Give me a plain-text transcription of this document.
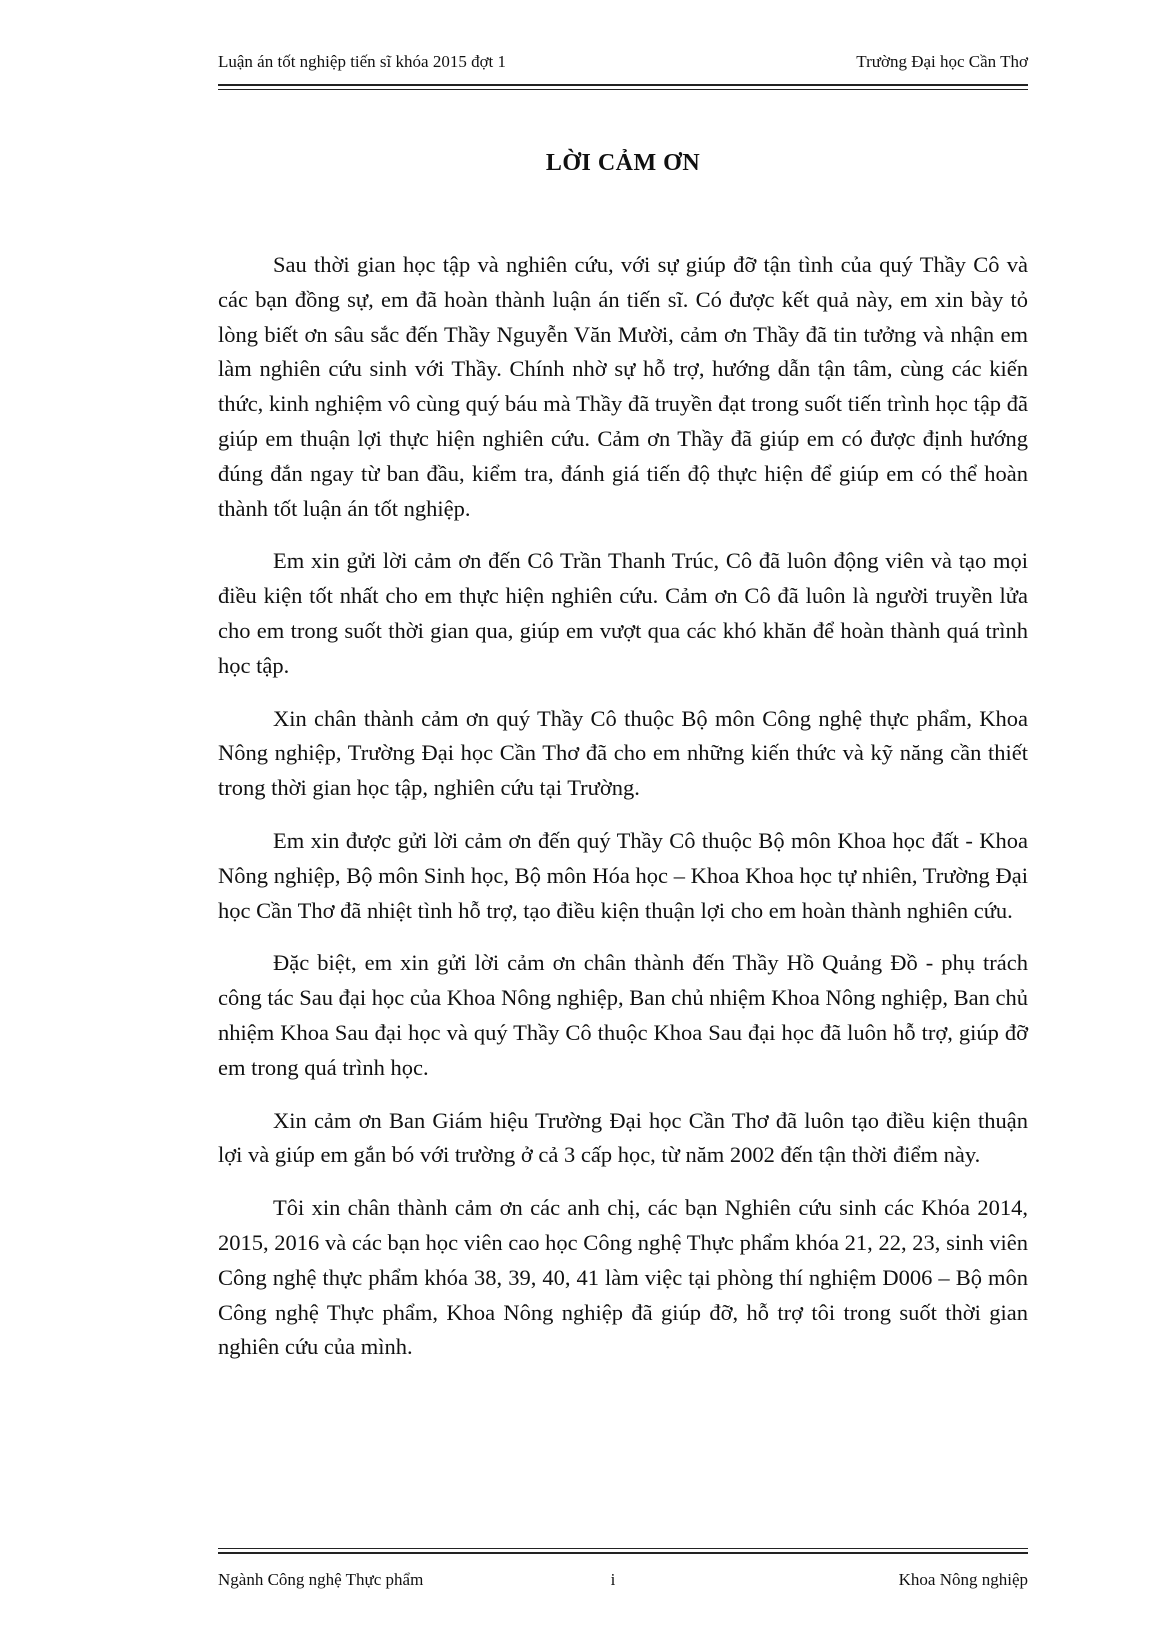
Luận án tốt nghiệp tiến sĩ khóa 2015 đợt 1	Trường Đại học Cần Thơ
LỜI CẢM ƠN

Sau thời gian học tập và nghiên cứu, với sự giúp đỡ tận tình của quý Thầy Cô và các bạn đồng sự, em đã hoàn thành luận án tiến sĩ. Có được kết quả này, em xin bày tỏ lòng biết ơn sâu sắc đến Thầy Nguyễn Văn Mười, cảm ơn Thầy đã tin tưởng và nhận em làm nghiên cứu sinh với Thầy. Chính nhờ sự hỗ trợ, hướng dẫn tận tâm, cùng các kiến thức, kinh nghiệm vô cùng quý báu mà Thầy đã truyền đạt trong suốt tiến trình học tập đã giúp em thuận lợi thực hiện nghiên cứu. Cảm ơn Thầy đã giúp em có được định hướng đúng đắn ngay từ ban đầu, kiểm tra, đánh giá tiến độ thực hiện để giúp em có thể hoàn thành tốt luận án tốt nghiệp.

Em xin gửi lời cảm ơn đến Cô Trần Thanh Trúc, Cô đã luôn động viên và tạo mọi điều kiện tốt nhất cho em thực hiện nghiên cứu. Cảm ơn Cô đã luôn là người truyền lửa cho em trong suốt thời gian qua, giúp em vượt qua các khó khăn để hoàn thành quá trình học tập.

Xin chân thành cảm ơn quý Thầy Cô thuộc Bộ môn Công nghệ thực phẩm, Khoa Nông nghiệp, Trường Đại học Cần Thơ đã cho em những kiến thức và kỹ năng cần thiết trong thời gian học tập, nghiên cứu tại Trường.

Em xin được gửi lời cảm ơn đến quý Thầy Cô thuộc Bộ môn Khoa học đất - Khoa Nông nghiệp, Bộ môn Sinh học, Bộ môn Hóa học – Khoa Khoa học tự nhiên, Trường Đại học Cần Thơ đã nhiệt tình hỗ trợ, tạo điều kiện thuận lợi cho em hoàn thành nghiên cứu.

Đặc biệt, em xin gửi lời cảm ơn chân thành đến Thầy Hồ Quảng Đồ - phụ trách công tác Sau đại học của Khoa Nông nghiệp, Ban chủ nhiệm Khoa Nông nghiệp, Ban chủ nhiệm Khoa Sau đại học và quý Thầy Cô thuộc Khoa Sau đại học đã luôn hỗ trợ, giúp đỡ em trong quá trình học.

Xin cảm ơn Ban Giám hiệu Trường Đại học Cần Thơ đã luôn tạo điều kiện thuận lợi và giúp em gắn bó với trường ở cả 3 cấp học, từ năm 2002 đến tận thời điểm này.

Tôi xin chân thành cảm ơn các anh chị, các bạn Nghiên cứu sinh các Khóa 2014, 2015, 2016 và các bạn học viên cao học Công nghệ Thực phẩm khóa 21, 22, 23, sinh viên Công nghệ thực phẩm khóa 38, 39, 40, 41 làm việc tại phòng thí nghiệm D006 – Bộ môn Công nghệ Thực phẩm, Khoa Nông nghiệp đã giúp đỡ, hỗ trợ tôi trong suốt thời gian nghiên cứu của mình.

Ngành Công nghệ Thực phẩm	i	Khoa Nông nghiệp
